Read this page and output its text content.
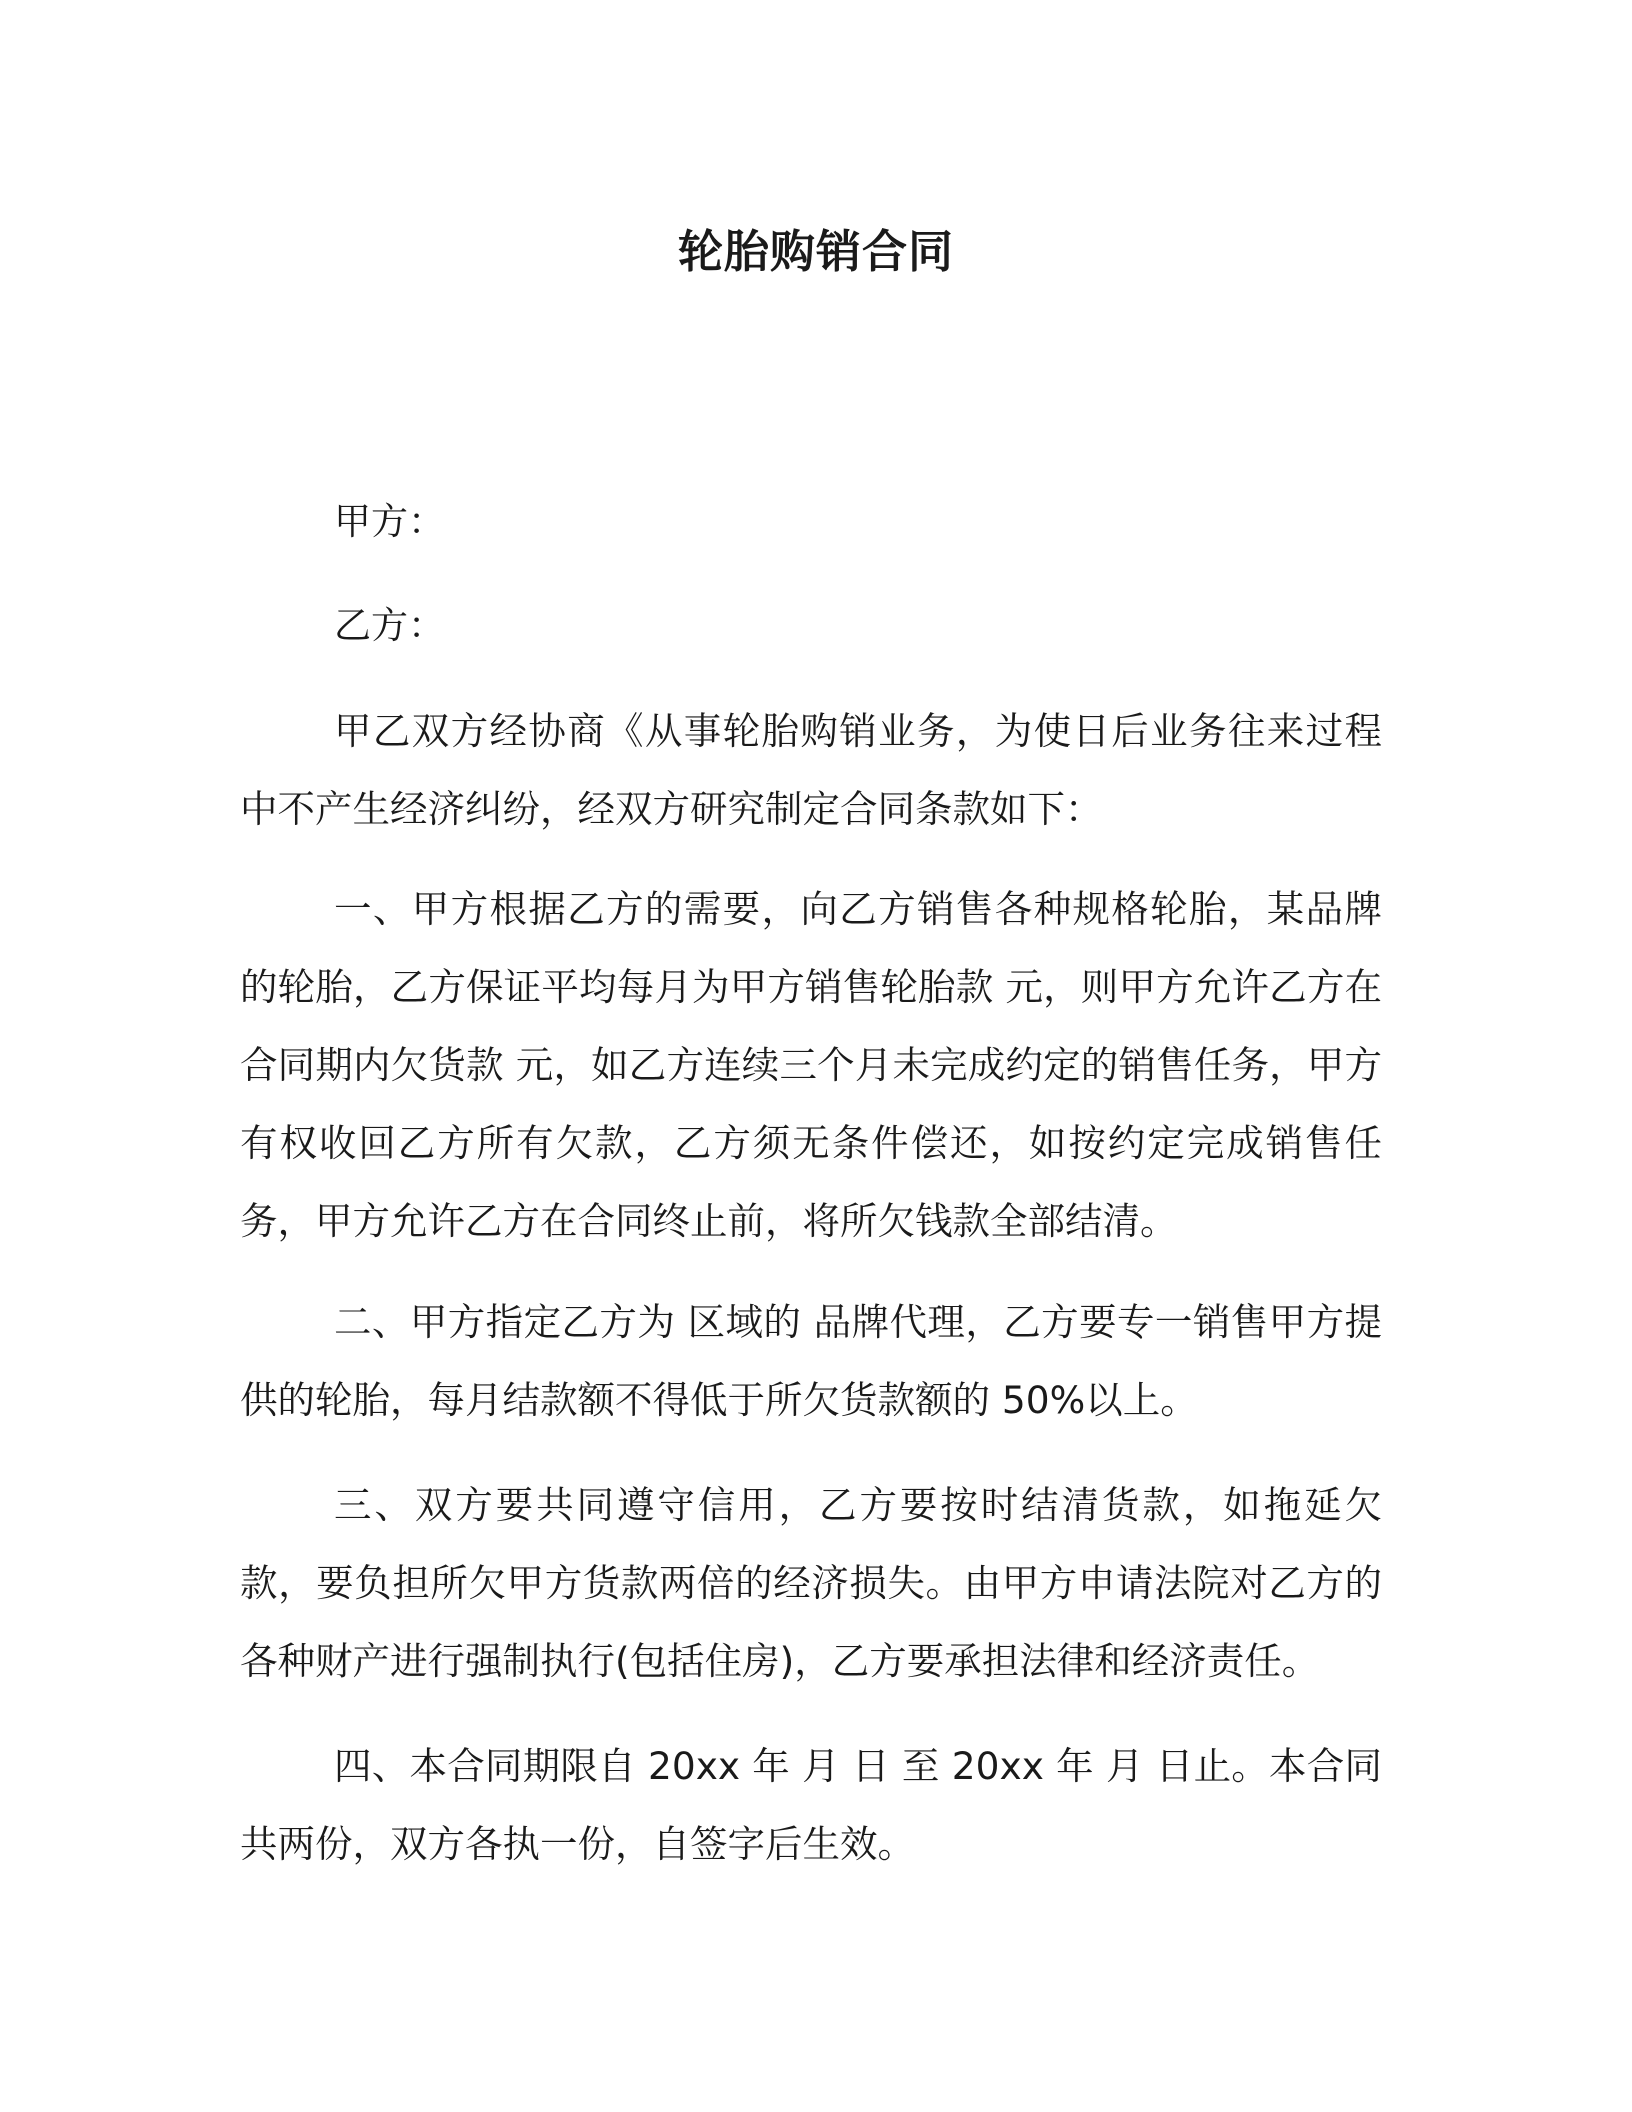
轮胎购销合同

甲方：

乙方：

甲乙双方经协商《从事轮胎购销业务，为使日后业务往来过程中不产生经济纠纷，经双方研究制定合同条款如下：

一、甲方根据乙方的需要，向乙方销售各种规格轮胎，某品牌的轮胎，乙方保证平均每月为甲方销售轮胎款 元，则甲方允许乙方在合同期内欠货款 元，如乙方连续三个月未完成约定的销售任务，甲方有权收回乙方所有欠款，乙方须无条件偿还，如按约定完成销售任务，甲方允许乙方在合同终止前，将所欠钱款全部结清。

二、甲方指定乙方为 区域的 品牌代理，乙方要专一销售甲方提供的轮胎，每月结款额不得低于所欠货款额的 50%以上。

三、双方要共同遵守信用，乙方要按时结清货款，如拖延欠款，要负担所欠甲方货款两倍的经济损失。由甲方申请法院对乙方的各种财产进行强制执行(包括住房)，乙方要承担法律和经济责任。

四、本合同期限自 20xx 年 月 日 至 20xx 年 月 日止。本合同共两份，双方各执一份，自签字后生效。
